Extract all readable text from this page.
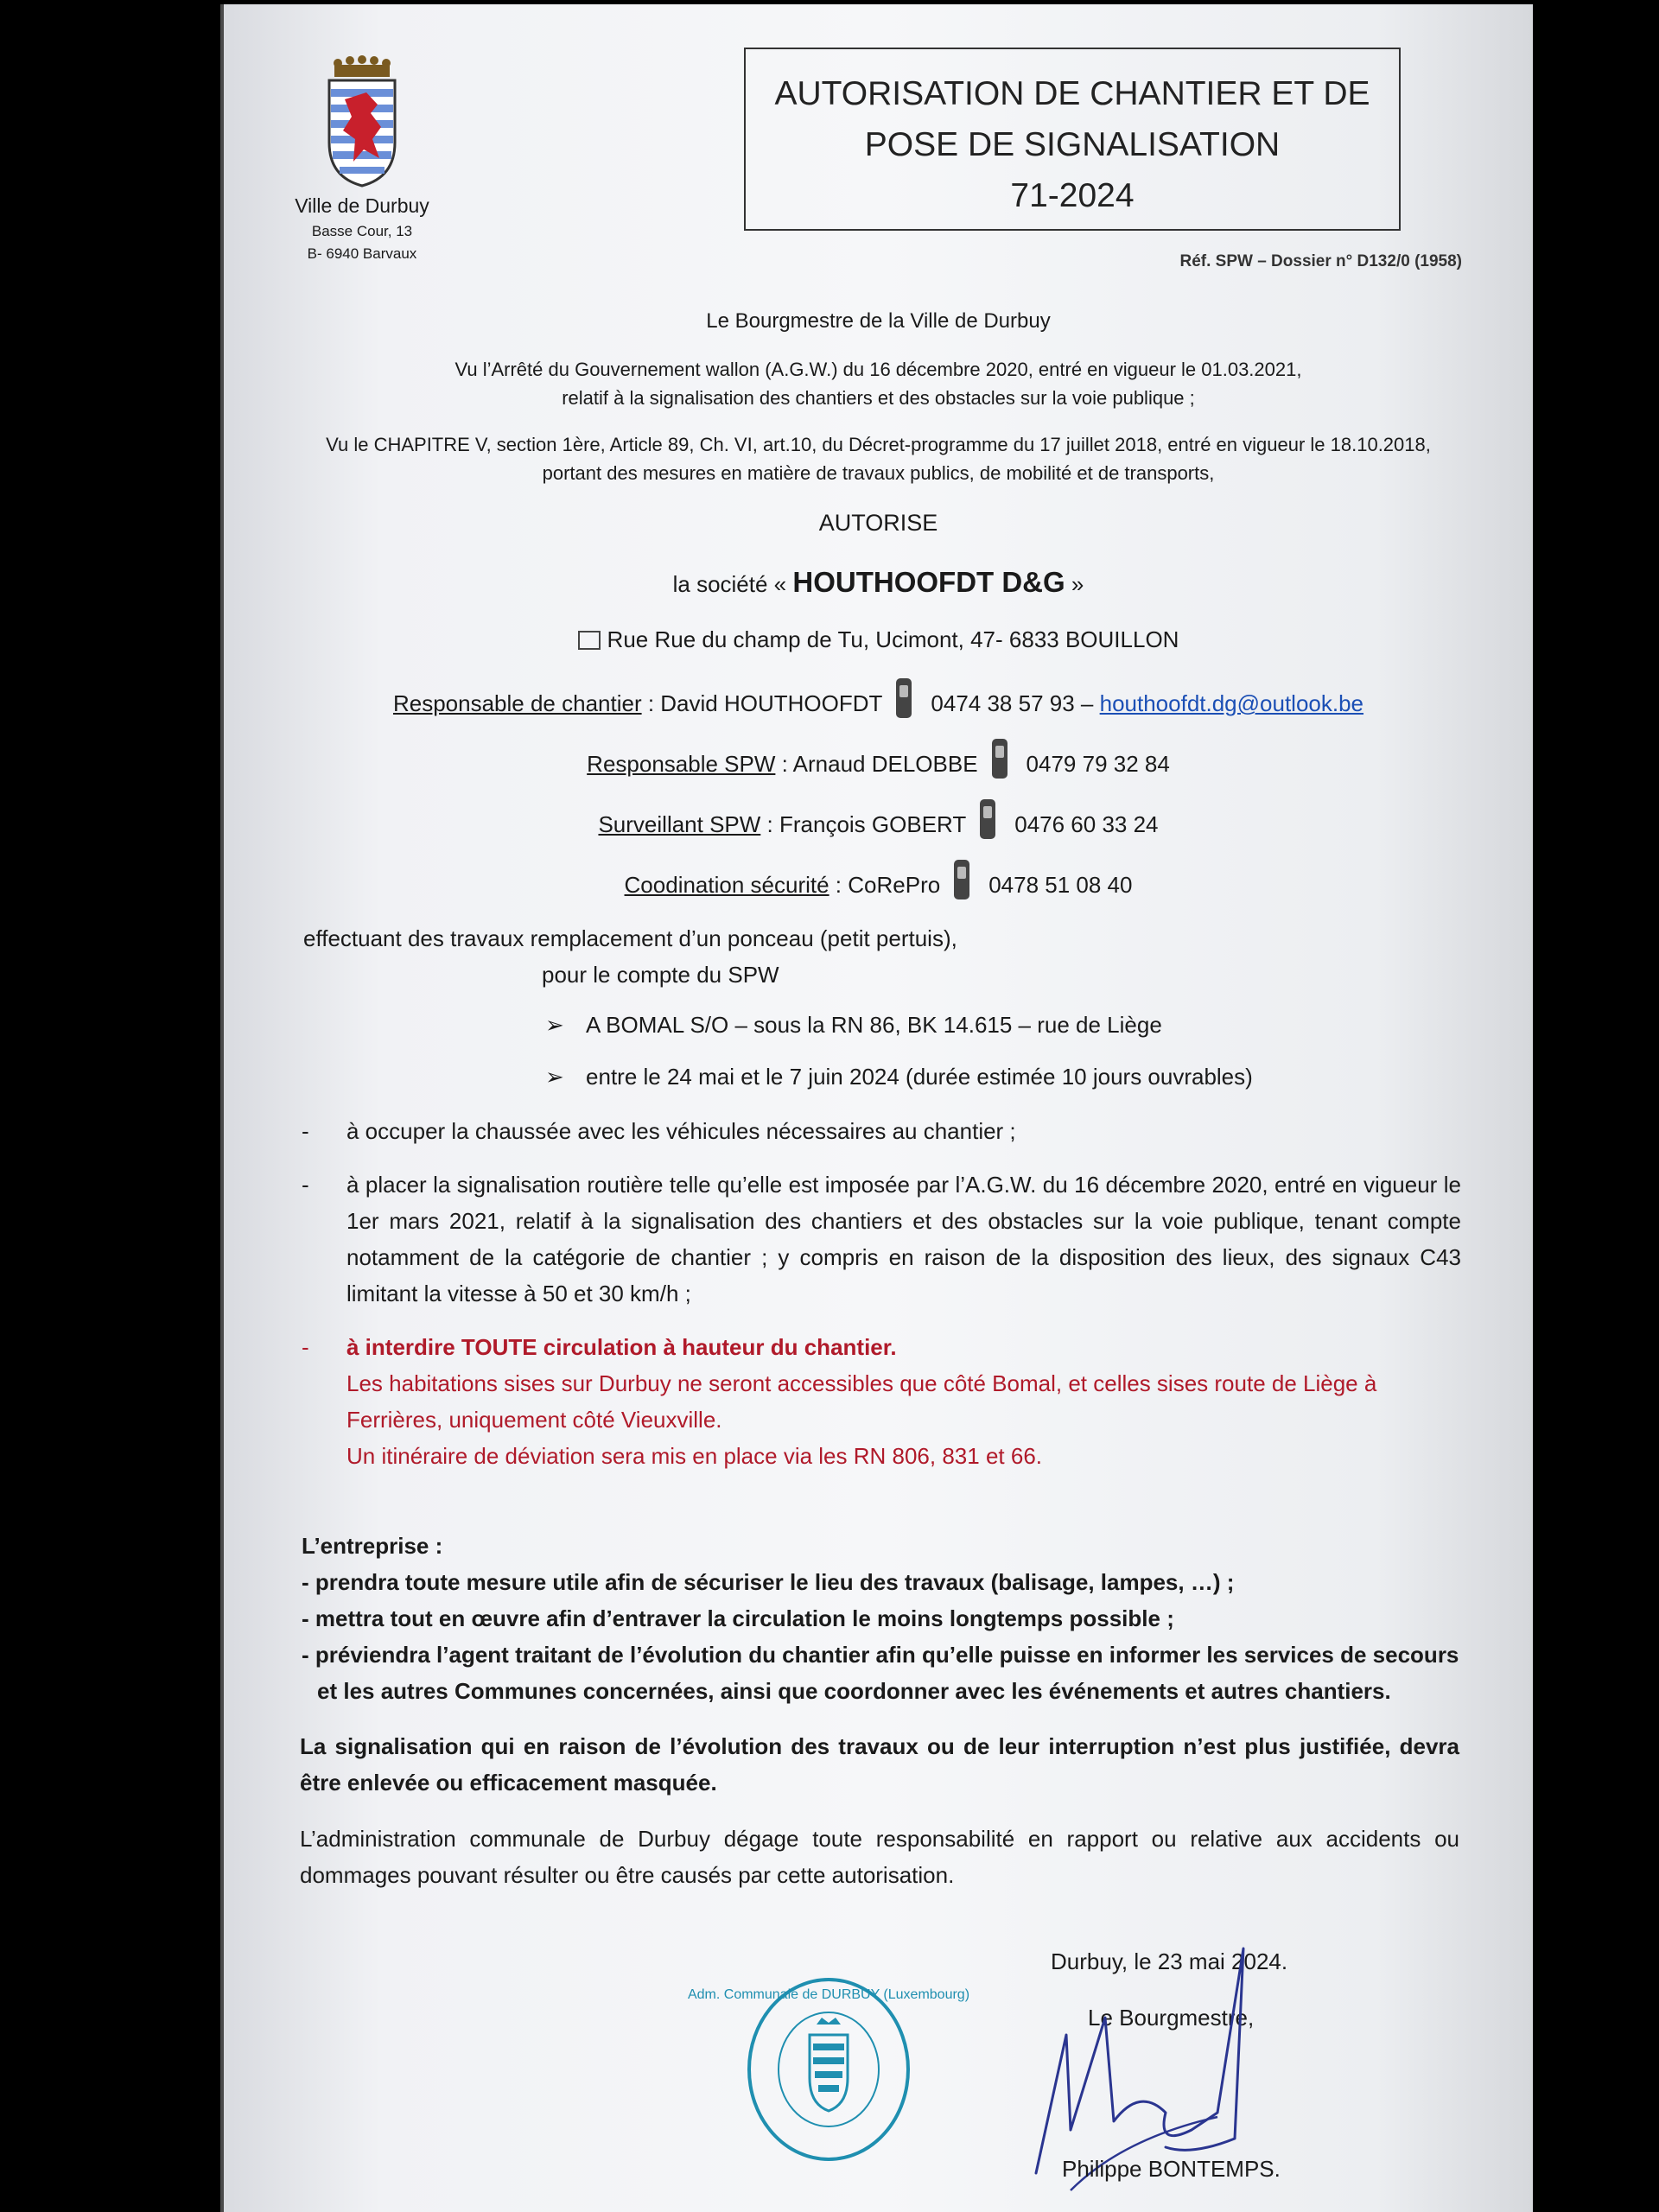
Ville de Durbuy
Basse Cour, 13
B- 6940 Barvaux
AUTORISATION DE CHANTIER ET DE
POSE DE SIGNALISATION
71-2024
Réf. SPW – Dossier n° D132/0 (1958)
Le Bourgmestre de la Ville de Durbuy
Vu l’Arrêté du Gouvernement wallon (A.G.W.) du 16 décembre 2020, entré en vigueur le 01.03.2021,
relatif à la signalisation des chantiers et des obstacles sur la voie publique ;
Vu le CHAPITRE V, section 1ère, Article 89, Ch. VI, art.10, du Décret-programme du 17 juillet 2018, entré en vigueur le 18.10.2018,
portant des mesures en matière de travaux publics, de mobilité et de transports,
AUTORISE
la société « HOUTHOOFDT D&G »
Rue Rue du champ de Tu, Ucimont, 47- 6833 BOUILLON
Responsable de chantier : David HOUTHOOFDT 0474 38 57 93 – houthoofdt.dg@outlook.be
Responsable SPW : Arnaud DELOBBE 0479 79 32 84
Surveillant SPW : François GOBERT 0476 60 33 24
Coodination sécurité : CoRePro 0478 51 08 40
effectuant des travaux remplacement d’un ponceau (petit pertuis),
pour le compte du SPW
➢ A BOMAL S/O – sous la RN 86, BK 14.615 – rue de Liège
➢ entre le 24 mai et le 7 juin 2024 (durée estimée 10 jours ouvrables)
- à occuper la chaussée avec les véhicules nécessaires au chantier ;
- à placer la signalisation routière telle qu’elle est imposée par l’A.G.W. du 16 décembre 2020, entré en vigueur le 1er mars 2021, relatif à la signalisation des chantiers et des obstacles sur la voie publique, tenant compte notamment de la catégorie de chantier ; y compris en raison de la disposition des lieux, des signaux C43 limitant la vitesse à 50 et 30 km/h ;
- à interdire TOUTE circulation à hauteur du chantier.
Les habitations sises sur Durbuy ne seront accessibles que côté Bomal, et celles sises route de Liège à Ferrières, uniquement côté Vieuxville.
Un itinéraire de déviation sera mis en place via les RN 806, 831 et 66.
L’entreprise :
- prendra toute mesure utile afin de sécuriser le lieu des travaux (balisage, lampes, …) ;
- mettra tout en œuvre afin d’entraver la circulation le moins longtemps possible ;
- préviendra l’agent traitant de l’évolution du chantier afin qu’elle puisse en informer les services de secours et les autres Communes concernées, ainsi que coordonner avec les événements et autres chantiers.
La signalisation qui en raison de l’évolution des travaux ou de leur interruption n’est plus justifiée, devra être enlevée ou efficacement masquée.
L’administration communale de Durbuy dégage toute responsabilité en rapport ou relative aux accidents ou dommages pouvant résulter ou être causés par cette autorisation.
Adm. Communale de DURBUY (Luxembourg)
Durbuy, le 23 mai 2024.
Le Bourgmestre,
Philippe BONTEMPS.
